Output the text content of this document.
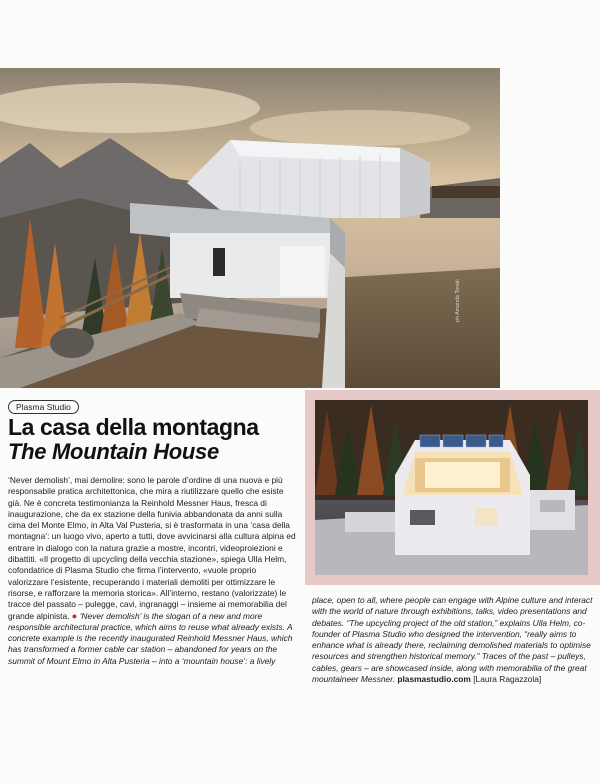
ph Amanda Tonali
Plasma Studio
La casa della montagna
The Mountain House

‘Never demolish’, mai demolire: sono le parole d’ordine di una nuova e più responsabile pratica architettonica, che mira a riutilizzare quello che esiste già. Ne è concreta testimonianza la Reinhold Messner Haus, fresca di inaugurazione, che da ex stazione della funivia abbandonata da anni sulla cima del Monte Elmo, in Alta Val Pusteria, si è trasformata in una ‘casa della montagna’: un luogo vivo, aperto a tutti, dove avvicinarsi alla cultura alpina ed entrare in dialogo con la natura grazie a mostre, incontri, videoproiezioni e dibattiti. «Il progetto di upcycling della vecchia stazione», spiega Ulla Helm, cofondatrice di Plasma Studio che firma l’intervento, «vuole proprio valorizzare l’esistente, recuperando i materiali demoliti per ottimizzare le risorse, e rafforzare la memoria storica». All’interno, restano (valorizzate) le tracce del passato – pulegge, cavi, ingranaggi – insieme ai memorabilia del grande alpinista. ● ‘Never demolish’ is the slogan of a new and more responsible architectural practice, which aims to reuse what already exists. A concrete example is the recently inaugurated Reinhold Messner Haus, which has transformed a former cable car station – abandoned for years on the summit of Mount Elmo in Alta Pusteria – into a ‘mountain house’: a lively

place, open to all, where people can engage with Alpine culture and interact with the world of nature through exhibitions, talks, video presentations and debates. “The upcycling project of the old station,” explains Ulla Helm, co-founder of Plasma Studio who designed the intervention, “really aims to enhance what is already there, reclaiming demolished materials to optimise resources and strengthen historical memory.” Traces of the past – pulleys, cables, gears – are showcased inside, along with memorabilia of the great mountaineer Messner. plasmastudio.com [Laura Ragazzola]
